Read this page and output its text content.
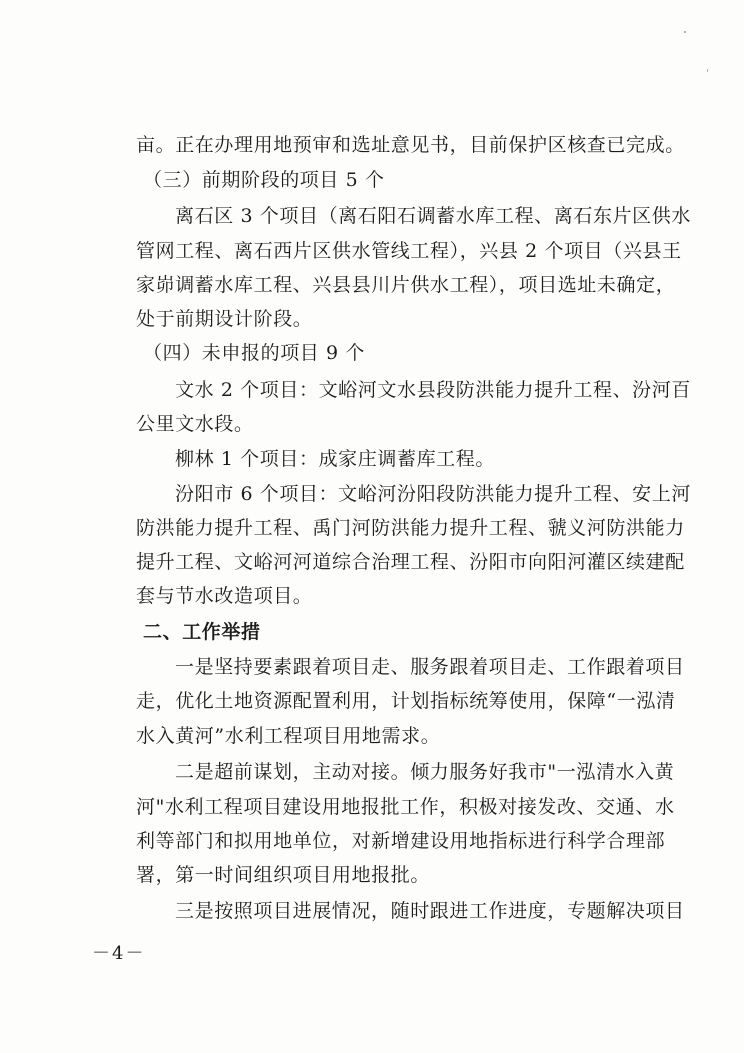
亩。正在办理用地预审和选址意见书，目前保护区核查已完成。
（三）前期阶段的项目 5 个
离石区 3 个项目（离石阳石调蓄水库工程、离石东片区供水
管网工程、离石西片区供水管线工程），兴县 2 个项目（兴县王
家峁调蓄水库工程、兴县县川片供水工程），项目选址未确定，
处于前期设计阶段。
（四）未申报的项目 9 个
文水 2 个项目：文峪河文水县段防洪能力提升工程、汾河百
公里文水段。
柳林 1 个项目：成家庄调蓄库工程。
汾阳市 6 个项目：文峪河汾阳段防洪能力提升工程、安上河
防洪能力提升工程、禹门河防洪能力提升工程、虢义河防洪能力
提升工程、文峪河河道综合治理工程、汾阳市向阳河灌区续建配
套与节水改造项目。
二、工作举措
一是坚持要素跟着项目走、服务跟着项目走、工作跟着项目
走，优化土地资源配置利用，计划指标统筹使用，保障“一泓清
水入黄河”水利工程项目用地需求。
二是超前谋划，主动对接。倾力服务好我市"一泓清水入黄
河"水利工程项目建设用地报批工作，积极对接发改、交通、水
利等部门和拟用地单位，对新增建设用地指标进行科学合理部
署，第一时间组织项目用地报批。
三是按照项目进展情况，随时跟进工作进度，专题解决项目
－4－
